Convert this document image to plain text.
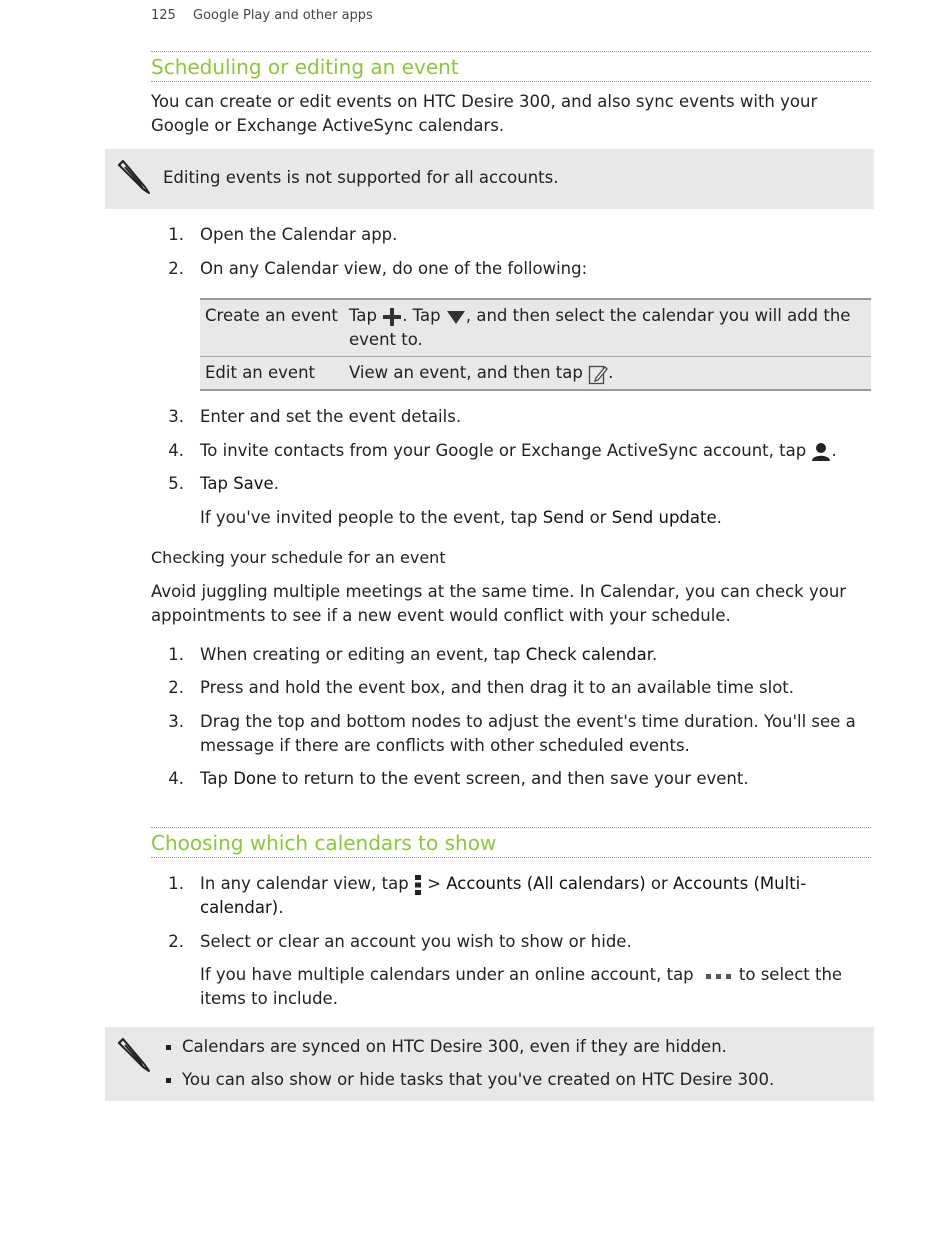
125 Google Play and other apps
Scheduling or editing an event
You can create or edit events on HTC Desire 300, and also sync events with your
Google or Exchange ActiveSync calendars.
Editing events is not supported for all accounts.
1. Open the Calendar app.
2. On any Calendar view, do one of the following:
Create an event	Tap . Tap , and then select the calendar you will add the
event to.
Edit an event	View an event, and then tap .
3. Enter and set the event details.
4. To invite contacts from your Google or Exchange ActiveSync account, tap .
5. Tap Save.
If you've invited people to the event, tap Send or Send update.
Checking your schedule for an event
Avoid juggling multiple meetings at the same time. In Calendar, you can check your
appointments to see if a new event would conflict with your schedule.
1. When creating or editing an event, tap Check calendar.
2. Press and hold the event box, and then drag it to an available time slot.
3. Drag the top and bottom nodes to adjust the event's time duration. You'll see a
message if there are conflicts with other scheduled events.
4. Tap Done to return to the event screen, and then save your event.
Choosing which calendars to show
1. In any calendar view, tap  > Accounts (All calendars) or Accounts (Multi-
calendar).
2. Select or clear an account you wish to show or hide.
If you have multiple calendars under an online account, tap	to select the
items to include.
Calendars are synced on HTC Desire 300, even if they are hidden.
You can also show or hide tasks that you've created on HTC Desire 300.
